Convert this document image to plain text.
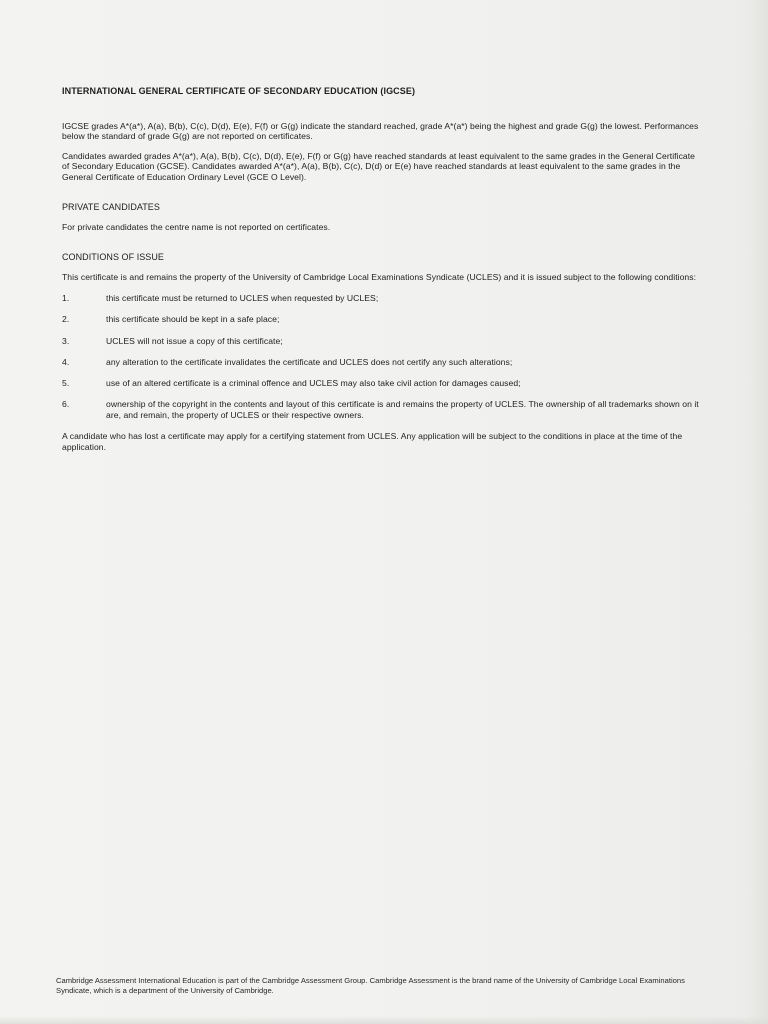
INTERNATIONAL GENERAL CERTIFICATE OF SECONDARY EDUCATION (IGCSE)

IGCSE grades A*(a*), A(a), B(b), C(c), D(d), E(e), F(f) or G(g) indicate the standard reached, grade A*(a*) being the highest and grade G(g) the lowest. Performances below the standard of grade G(g) are not reported on certificates.

Candidates awarded grades A*(a*), A(a), B(b), C(c), D(d), E(e), F(f) or G(g) have reached standards at least equivalent to the same grades in the General Certificate of Secondary Education (GCSE). Candidates awarded A*(a*), A(a), B(b), C(c), D(d) or E(e) have reached standards at least equivalent to the same grades in the General Certificate of Education Ordinary Level (GCE O Level).

PRIVATE CANDIDATES

For private candidates the centre name is not reported on certificates.

CONDITIONS OF ISSUE

This certificate is and remains the property of the University of Cambridge Local Examinations Syndicate (UCLES) and it is issued subject to the following conditions:

1.	this certificate must be returned to UCLES when requested by UCLES;
2.	this certificate should be kept in a safe place;
3.	UCLES will not issue a copy of this certificate;
4.	any alteration to the certificate invalidates the certificate and UCLES does not certify any such alterations;
5.	use of an altered certificate is a criminal offence and UCLES may also take civil action for damages caused;
6.	ownership of the copyright in the contents and layout of this certificate is and remains the property of UCLES. The ownership of all trademarks shown on it are, and remain, the property of UCLES or their respective owners.

A candidate who has lost a certificate may apply for a certifying statement from UCLES. Any application will be subject to the conditions in place at the time of the application.

Cambridge Assessment International Education is part of the Cambridge Assessment Group. Cambridge Assessment is the brand name of the University of Cambridge Local Examinations Syndicate, which is a department of the University of Cambridge.
